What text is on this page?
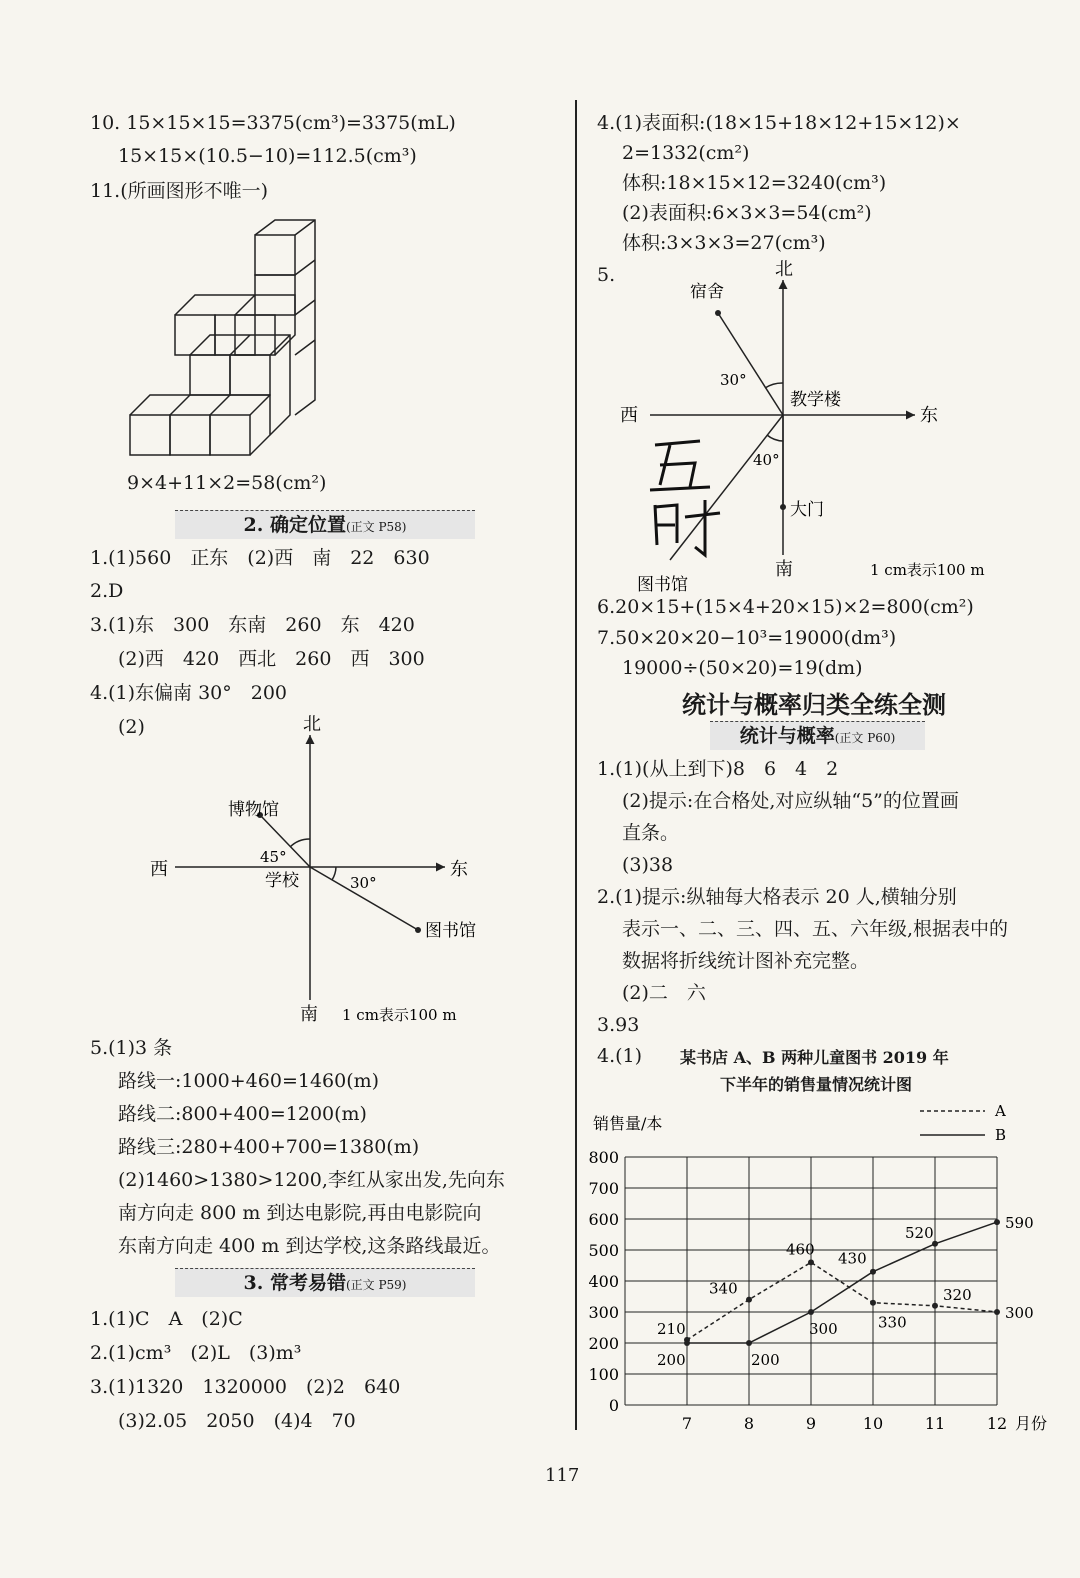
10. 15×15×15=3375(cm³)=3375(mL)
15×15×(10.5−10)=112.5(cm³)
11.(所画图形不唯一)
9×4+11×2=58(cm²)
2. 确定位置(正文 P58)
1.(1)560　正东　(2)西　南　22　630
2.D
3.(1)东　300　东南　260　东　420
(2)西　420　西北　260　西　300
4.(1)东偏南 30°　200
(2)	北
南
西	东
博物馆
学校
图书馆
45°
30°
1 cm表示100 m
5.(1)3 条
路线一:1000+460=1460(m)
路线二:800+400=1200(m)
路线三:280+400+700=1380(m)
(2)1460>1380>1200,李红从家出发,先向东
南方向走 800 m 到达电影院,再由电影院向
东南方向走 400 m 到达学校,这条路线最近。
3. 常考易错(正文 P59)
1.(1)C　A　(2)C
2.(1)cm³　(2)L　(3)m³
3.(1)1320　1320000　(2)2　640
(3)2.05　2050　(4)4　70
4.(1)表面积:(18×15+18×12+15×12)×
2=1332(cm²)
体积:18×15×12=3240(cm³)
(2)表面积:6×3×3=54(cm²)
体积:3×3×3=27(cm³)
5.	北
南
西	东
宿舍
教学楼
大门
图书馆
30°
40°
1 cm表示100 m
6.20×15+(15×4+20×15)×2=800(cm²)
7.50×20×20−10³=19000(dm³)
19000÷(50×20)=19(dm)
统计与概率归类全练全测
统计与概率(正文 P60)
1.(1)(从上到下)8　6　4　2
(2)提示:在合格处,对应纵轴“5”的位置画
直条。
(3)38
2.(1)提示:纵轴每大格表示 20 人,横轴分别
表示一、二、三、四、五、六年级,根据表中的
数据将折线统计图补充完整。
(2)二　六
3.93
4.(1) 某书店 A、B 两种儿童图书 2019 年
下半年的销售量情况统计图
0
100
200
300
400
500
600
700
800
7	8	9	10	11	12 月份
销售量/本
A
B
210
340
460
330
320
300
200	200
300
430
520
590
117
